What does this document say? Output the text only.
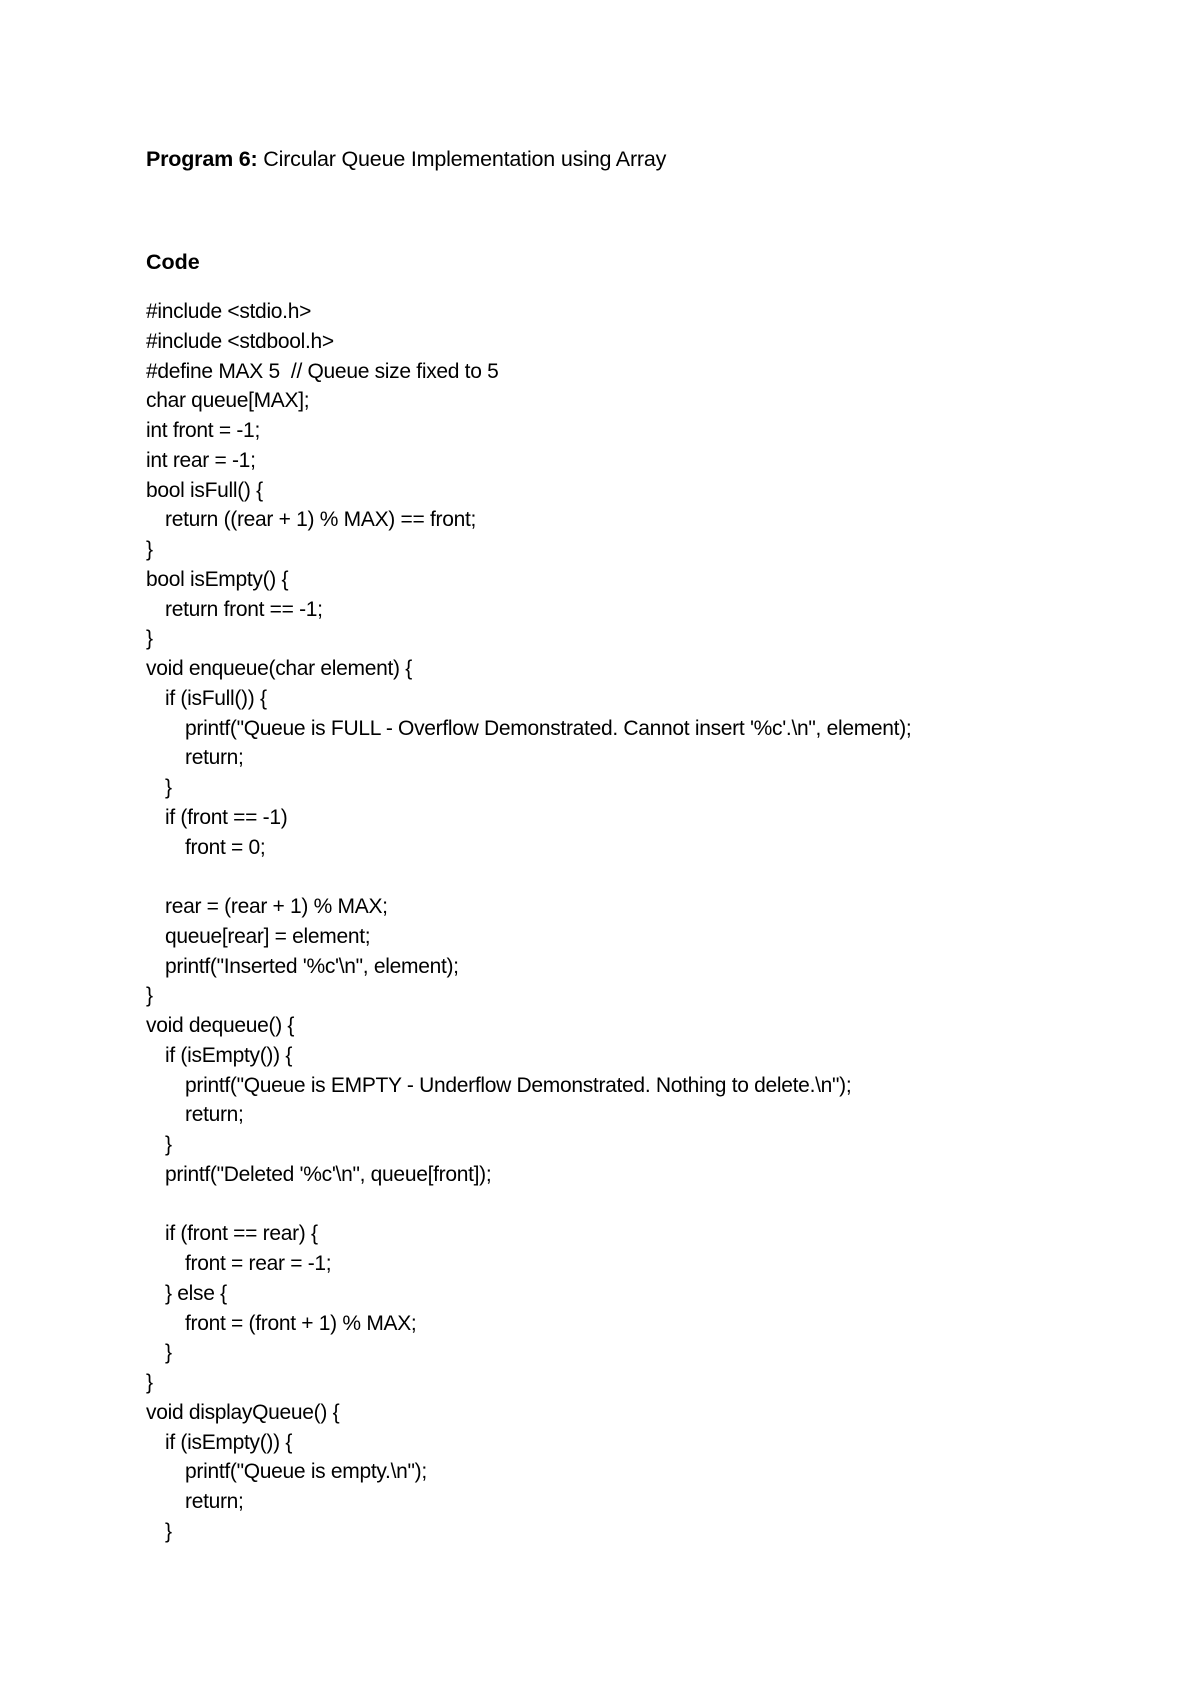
Program 6: Circular Queue Implementation using Array
Code
#include <stdio.h>
#include <stdbool.h>
#define MAX 5  // Queue size fixed to 5
char queue[MAX];
int front = -1;
int rear = -1;
bool isFull() {
return ((rear + 1) % MAX) == front;
}
bool isEmpty() {
return front == -1;
}
void enqueue(char element) {
if (isFull()) {
printf("Queue is FULL - Overflow Demonstrated. Cannot insert '%c'.\n", element);
return;
}
if (front == -1)
front = 0;
rear = (rear + 1) % MAX;
queue[rear] = element;
printf("Inserted '%c'\n", element);
}
void dequeue() {
if (isEmpty()) {
printf("Queue is EMPTY - Underflow Demonstrated. Nothing to delete.\n");
return;
}
printf("Deleted '%c'\n", queue[front]);
if (front == rear) {
front = rear = -1;
} else {
front = (front + 1) % MAX;
}
}
void displayQueue() {
if (isEmpty()) {
printf("Queue is empty.\n");
return;
}
